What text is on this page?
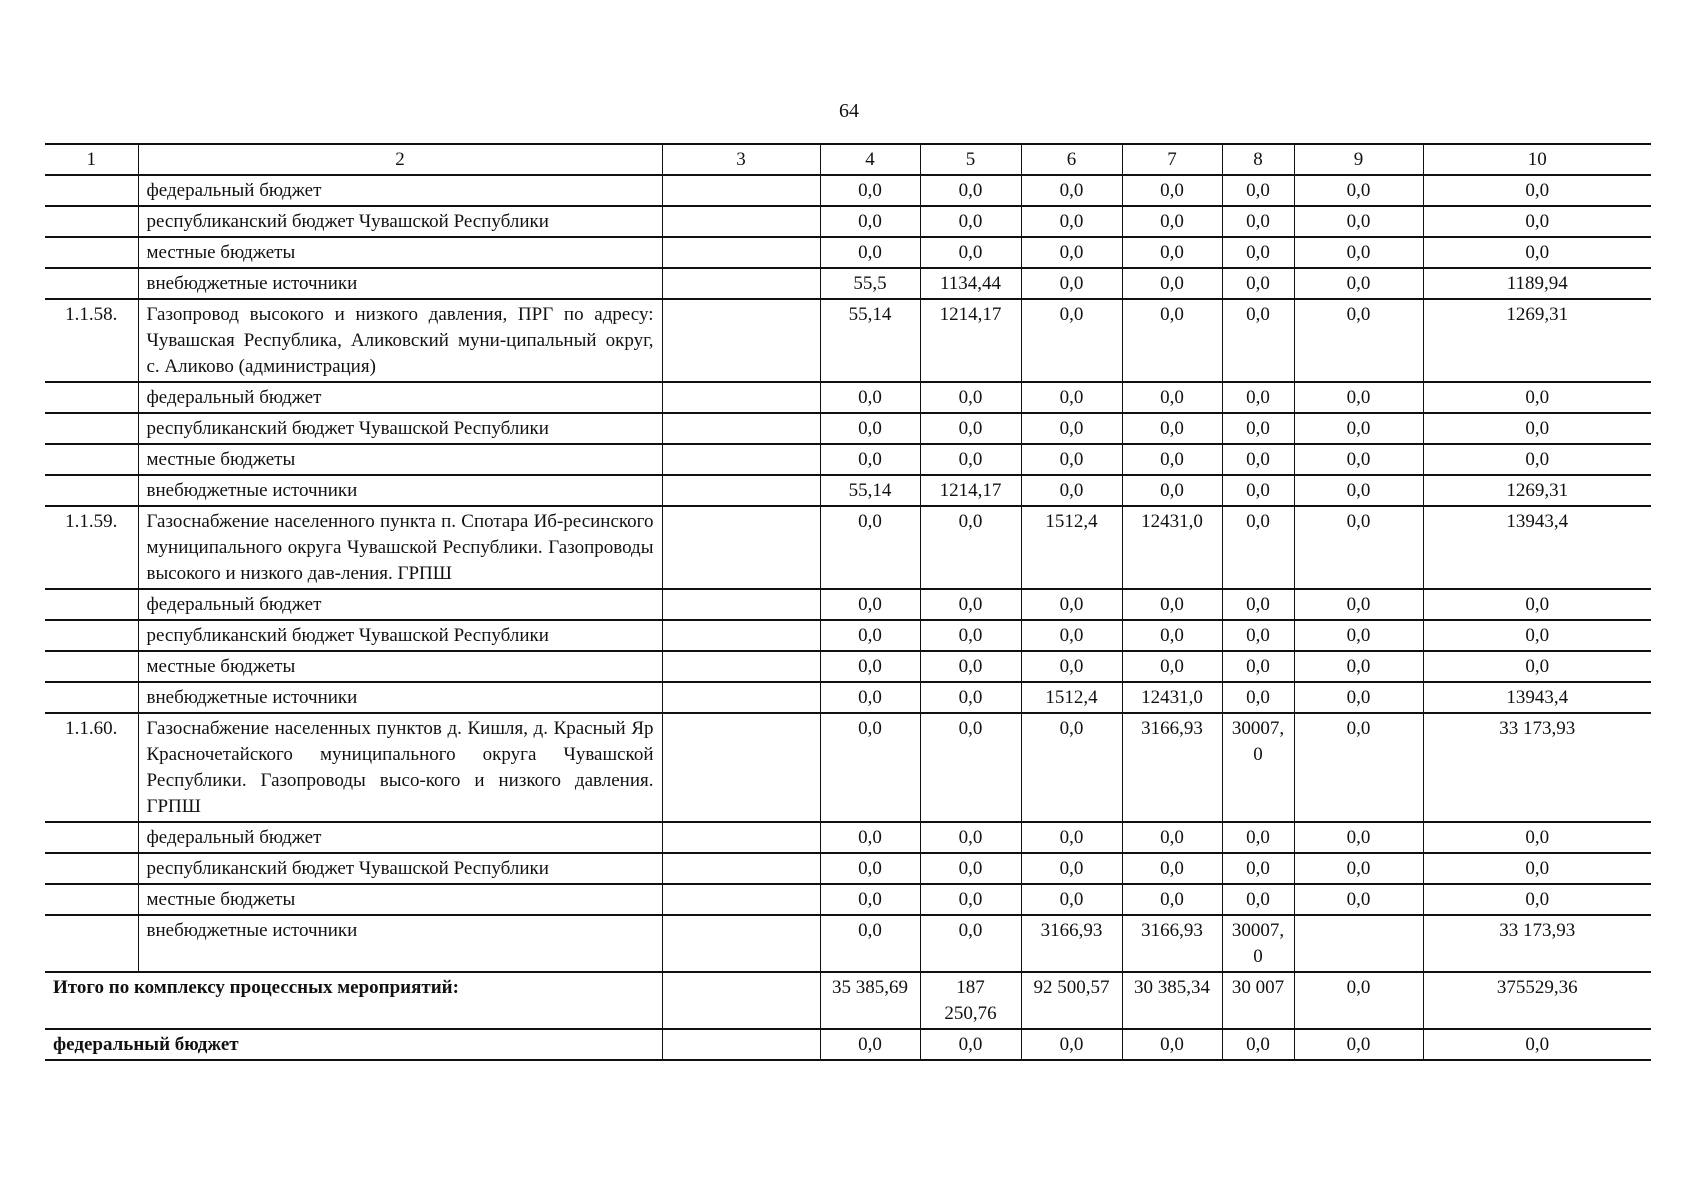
64
1	2	3	4	5	6	7	8	9	10
	федеральный бюджет		0,0	0,0	0,0	0,0	0,0	0,0	0,0
	республиканский бюджет Чувашской Республики		0,0	0,0	0,0	0,0	0,0	0,0	0,0
	местные бюджеты		0,0	0,0	0,0	0,0	0,0	0,0	0,0
	внебюджетные источники		55,5	1134,44	0,0	0,0	0,0	0,0	1189,94
1.1.58.	Газопровод высокого и низкого давления, ПРГ по адресу: Чувашская Республика, Аликовский муни-ципальный округ, с. Аликово (администрация)		55,14	1214,17	0,0	0,0	0,0	0,0	1269,31
	федеральный бюджет		0,0	0,0	0,0	0,0	0,0	0,0	0,0
	республиканский бюджет Чувашской Республики		0,0	0,0	0,0	0,0	0,0	0,0	0,0
	местные бюджеты		0,0	0,0	0,0	0,0	0,0	0,0	0,0
	внебюджетные источники		55,14	1214,17	0,0	0,0	0,0	0,0	1269,31
1.1.59.	Газоснабжение населенного пункта п. Спотара Иб-ресинского муниципального округа Чувашской Республики. Газопроводы высокого и низкого дав-ления. ГРПШ		0,0	0,0	1512,4	12431,0	0,0	0,0	13943,4
	федеральный бюджет		0,0	0,0	0,0	0,0	0,0	0,0	0,0
	республиканский бюджет Чувашской Республики		0,0	0,0	0,0	0,0	0,0	0,0	0,0
	местные бюджеты		0,0	0,0	0,0	0,0	0,0	0,0	0,0
	внебюджетные источники		0,0	0,0	1512,4	12431,0	0,0	0,0	13943,4
1.1.60.	Газоснабжение населенных пунктов д. Кишля, д. Красный Яр Красночетайского муниципального округа Чувашской Республики. Газопроводы высо-кого и низкого давления. ГРПШ		0,0	0,0	0,0	3166,93	30007,0	0,0	33 173,93
	федеральный бюджет		0,0	0,0	0,0	0,0	0,0	0,0	0,0
	республиканский бюджет Чувашской Республики		0,0	0,0	0,0	0,0	0,0	0,0	0,0
	местные бюджеты		0,0	0,0	0,0	0,0	0,0	0,0	0,0
	внебюджетные источники		0,0	0,0	3166,93	3166,93	30007,0		33 173,93
Итого по комплексу процессных мероприятий:			35 385,69	187 250,76	92 500,57	30 385,34	30 007	0,0	375529,36
федеральный бюджет			0,0	0,0	0,0	0,0	0,0	0,0	0,0
